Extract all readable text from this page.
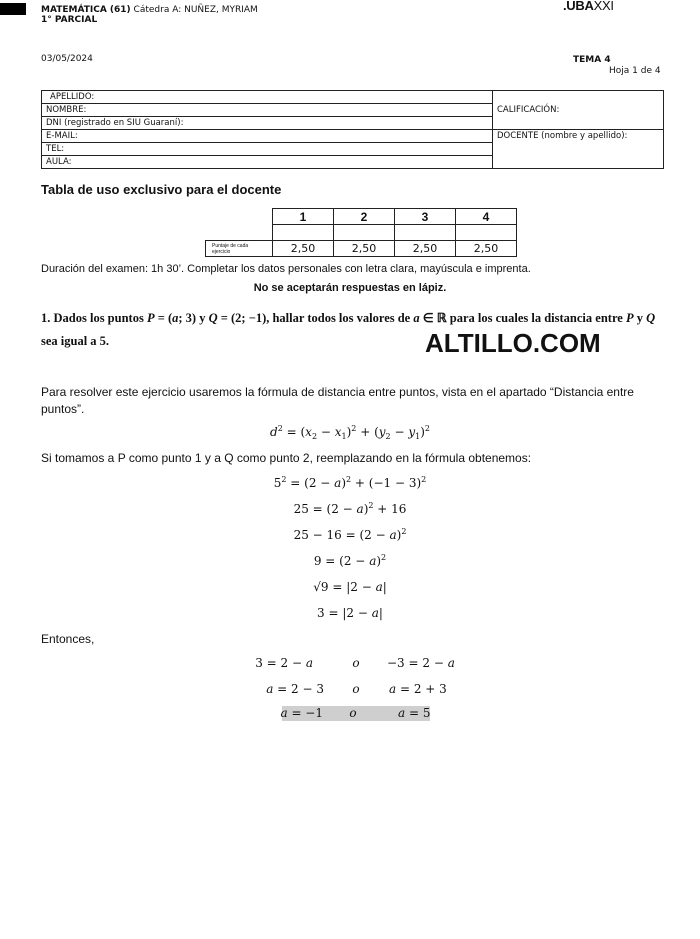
MATEMÁTICA (61) Cátedra A: NUÑEZ, MYRIAM
1° PARCIAL
.UBAXXI
03/05/2024	TEMA 4
Hoja 1 de 4
APELLIDO:	CALIFICACIÓN:
NOMBRE:	
DNI (registrado en SIU Guaraní):	
E-MAIL:	DOCENTE (nombre y apellido):
TEL:	
AULA:	
Tabla de uso exclusivo para el docente
	1	2	3	4

Puntaje de cada
ejercicio	2,50	2,50	2,50	2,50
Duración del examen: 1h 30’. Completar los datos personales con letra clara, mayúscula e imprenta.
No se aceptarán respuestas en lápiz.
1. Dados los puntos P = (a; 3) y Q = (2; −1), hallar todos los valores de a ∈ ℝ para los cuales la distancia entre P y Q sea igual a 5.	ALTILLO.COM
Para resolver este ejercicio usaremos la fórmula de distancia entre puntos, vista en el apartado “Distancia entre puntos”.
$d^2 = (x_2 - x_1)^2 + (y_2 - y_1)^2$
Si tomamos a P como punto 1 y a Q como punto 2, reemplazando en la fórmula obtenemos:
$5^2 = (2 - a)^2 + (-1 - 3)^2$
$25 = (2 - a)^2 + 16$
$25 - 16 = (2 - a)^2$
$9 = (2 - a)^2$
√9 = |2 − a|
3 = |2 − a|
Entonces,
3 = 2 − a	o	−3 = 2 − a
a = 2 − 3	o	a = 2 + 3
a = −1	o	a = 5
